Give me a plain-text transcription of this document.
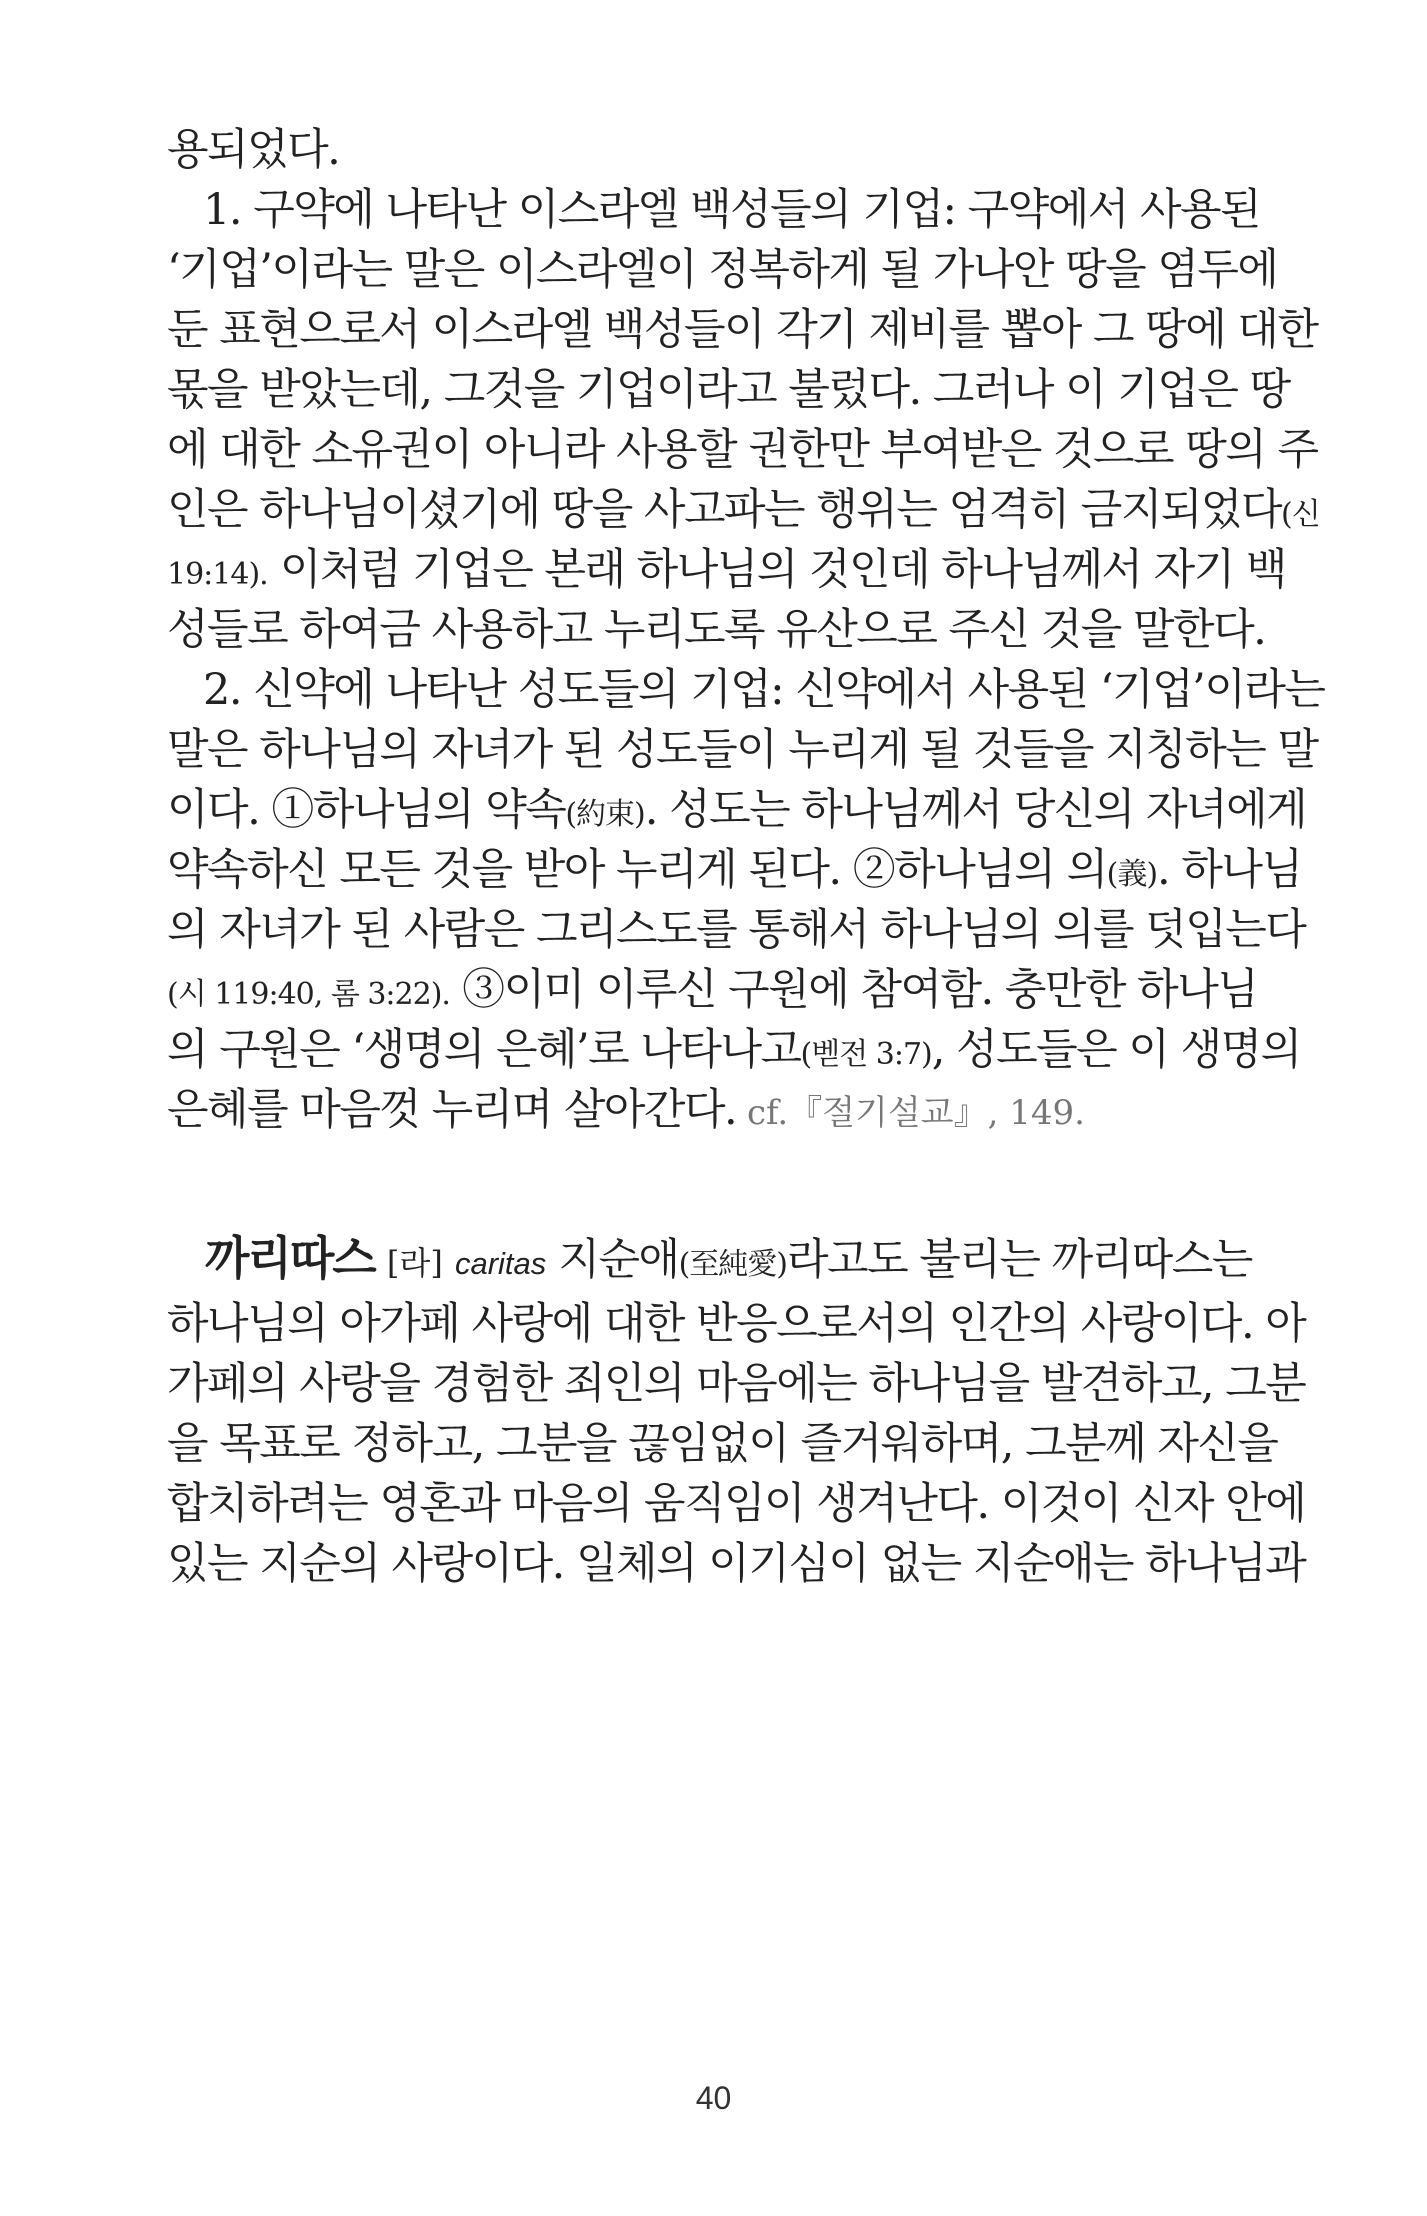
용되었다.
1. 구약에 나타난 이스라엘 백성들의 기업: 구약에서 사용된
‘기업’이라는 말은 이스라엘이 정복하게 될 가나안 땅을 염두에
둔 표현으로서 이스라엘 백성들이 각기 제비를 뽑아 그 땅에 대한
몫을 받았는데, 그것을 기업이라고 불렀다. 그러나 이 기업은 땅
에 대한 소유권이 아니라 사용할 권한만 부여받은 것으로 땅의 주
인은 하나님이셨기에 땅을 사고파는 행위는 엄격히 금지되었다(신
19:14). 이처럼 기업은 본래 하나님의 것인데 하나님께서 자기 백
성들로 하여금 사용하고 누리도록 유산으로 주신 것을 말한다.
2. 신약에 나타난 성도들의 기업: 신약에서 사용된 ‘기업’이라는
말은 하나님의 자녀가 된 성도들이 누리게 될 것들을 지칭하는 말
이다. ①하나님의 약속(約束). 성도는 하나님께서 당신의 자녀에게
약속하신 모든 것을 받아 누리게 된다. ②하나님의 의(義). 하나님
의 자녀가 된 사람은 그리스도를 통해서 하나님의 의를 덧입는다
(시 119:40, 롬 3:22). ③이미 이루신 구원에 참여함. 충만한 하나님
의 구원은 ‘생명의 은혜’로 나타나고(벧전 3:7), 성도들은 이 생명의
은혜를 마음껏 누리며 살아간다. cf.『절기설교』, 149.
까리따스 [라] caritas 지순애(至純愛)라고도 불리는 까리따스는
하나님의 아가페 사랑에 대한 반응으로서의 인간의 사랑이다. 아
가페의 사랑을 경험한 죄인의 마음에는 하나님을 발견하고, 그분
을 목표로 정하고, 그분을 끊임없이 즐거워하며, 그분께 자신을
합치하려는 영혼과 마음의 움직임이 생겨난다. 이것이 신자 안에
있는 지순의 사랑이다. 일체의 이기심이 없는 지순애는 하나님과
40
